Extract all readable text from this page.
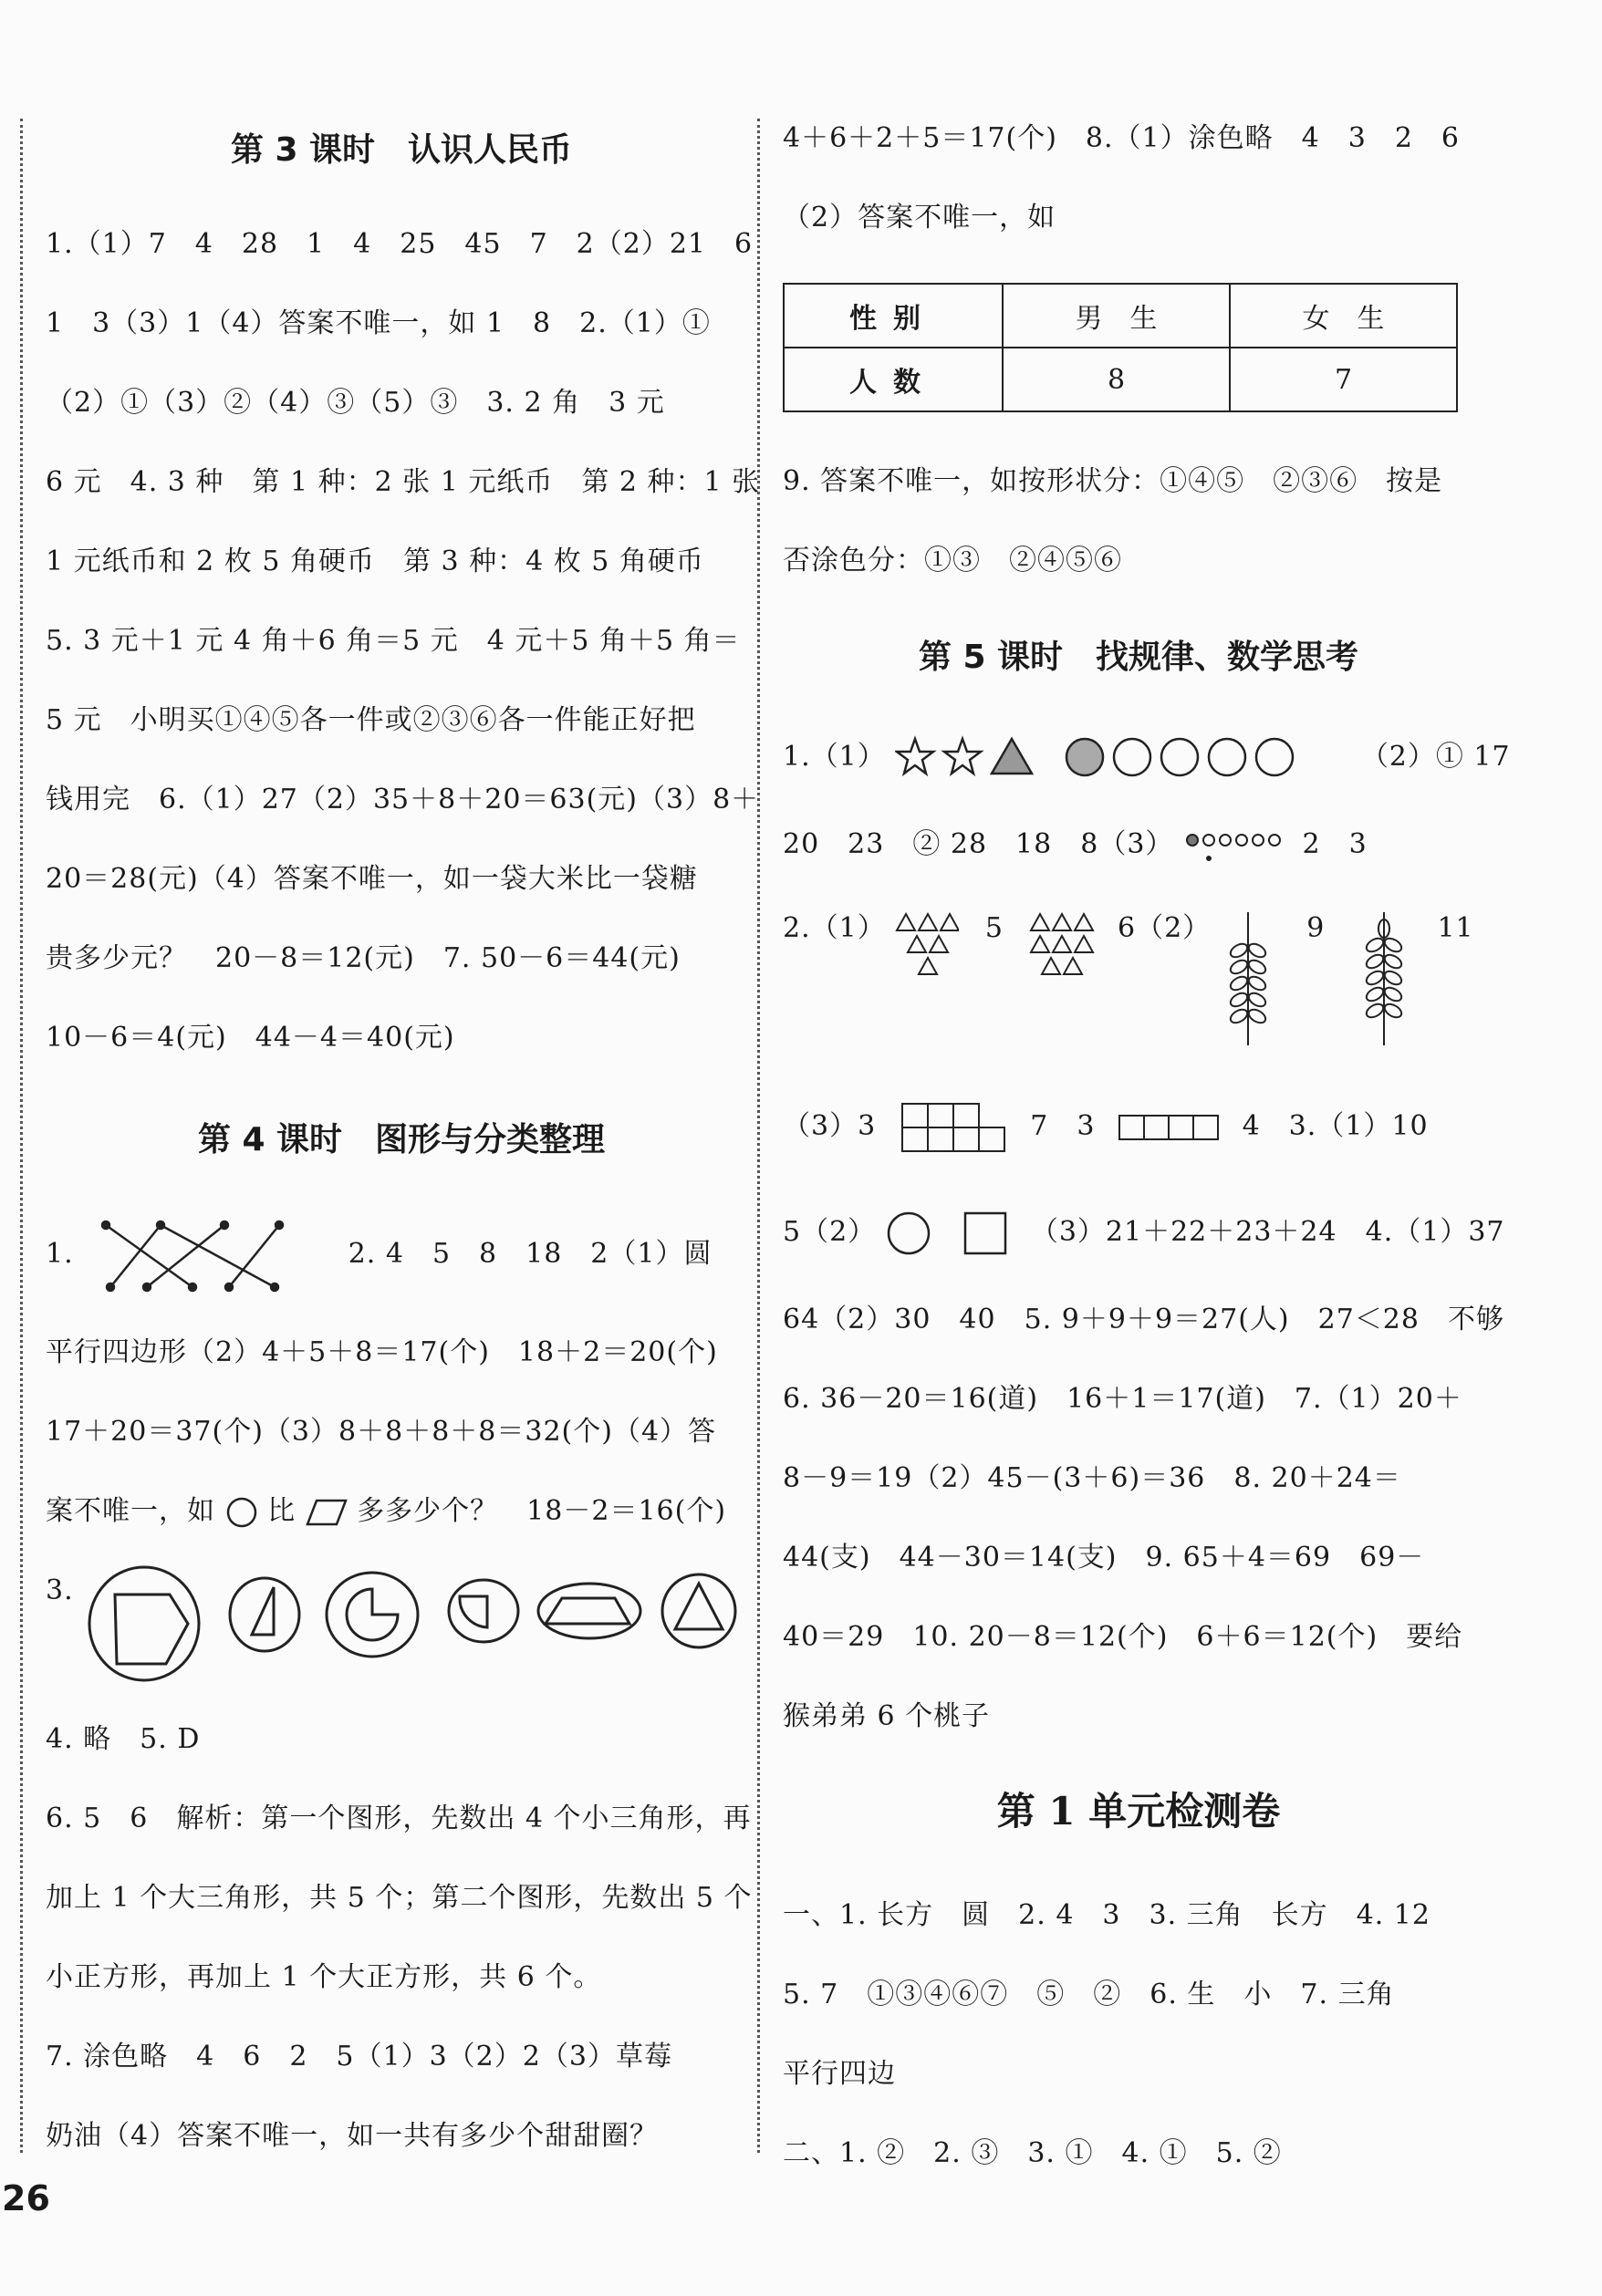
第 3 课时　认识人民币
1.（1）7　4　28　1　4　25　45　7　2（2）21　6
1　3（3）1（4）答案不唯一，如 1　8　2.（1）①
（2）①（3）②（4）③（5）③　3. 2 角　3 元
6 元　4. 3 种　第 1 种：2 张 1 元纸币　第 2 种：1 张
1 元纸币和 2 枚 5 角硬币　第 3 种：4 枚 5 角硬币
5. 3 元＋1 元 4 角＋6 角＝5 元　4 元＋5 角＋5 角＝
5 元　小明买①④⑤各一件或②③⑥各一件能正好把
钱用完　6.（1）27（2）35＋8＋20＝63(元)（3）8＋
20＝28(元)（4）答案不唯一，如一袋大米比一袋糖
贵多少元？　20－8＝12(元)　7. 50－6＝44(元)
10－6＝4(元)　44－4＝40(元)
第 4 课时　图形与分类整理
1.	2. 4　5　8　18　2（1）圆
平行四边形（2）4＋5＋8＝17(个)　18＋2＝20(个)
17＋20＝37(个)（3）8＋8＋8＋8＝32(个)（4）答
案不唯一，如 比 多多少个？　18－2＝16(个)
3.
4. 略　5. D
6. 5　6　解析：第一个图形，先数出 4 个小三角形，再
加上 1 个大三角形，共 5 个；第二个图形，先数出 5 个
小正方形，再加上 1 个大正方形，共 6 个。
7. 涂色略　4　6　2　5（1）3（2）2（3）草莓
奶油（4）答案不唯一，如一共有多少个甜甜圈？
4＋6＋2＋5＝17(个)　8.（1）涂色略　4　3　2　6
（2）答案不唯一，如
性别	男　生	女　生
人数	8	7
9. 答案不唯一，如按形状分：①④⑤　②③⑥　按是
否涂色分：①③　②④⑤⑥
第 5 课时　找规律、数学思考
1.（1）	（2）① 17
20　23　② 28　18　8（3）	2　3
2.（1）	5	6（2）	9	11
（3）3	7　3	4　3.（1）10
5（2）	（3）21＋22＋23＋24　4.（1）37
64（2）30　40　5. 9＋9＋9＝27(人)　27＜28　不够
6. 36－20＝16(道)　16＋1＝17(道)　7.（1）20＋
8－9＝19（2）45－(3＋6)＝36　8. 20＋24＝
44(支)　44－30＝14(支)　9. 65＋4＝69　69－
40＝29　10. 20－8＝12(个)　6＋6＝12(个)　要给
猴弟弟 6 个桃子
第 1 单元检测卷
一、1. 长方　圆　2. 4　3　3. 三角　长方　4. 12
5. 7　①③④⑥⑦　⑤　②　6. 生　小　7. 三角
平行四边
二、1. ②　2. ③　3. ①　4. ①　5. ②
26
